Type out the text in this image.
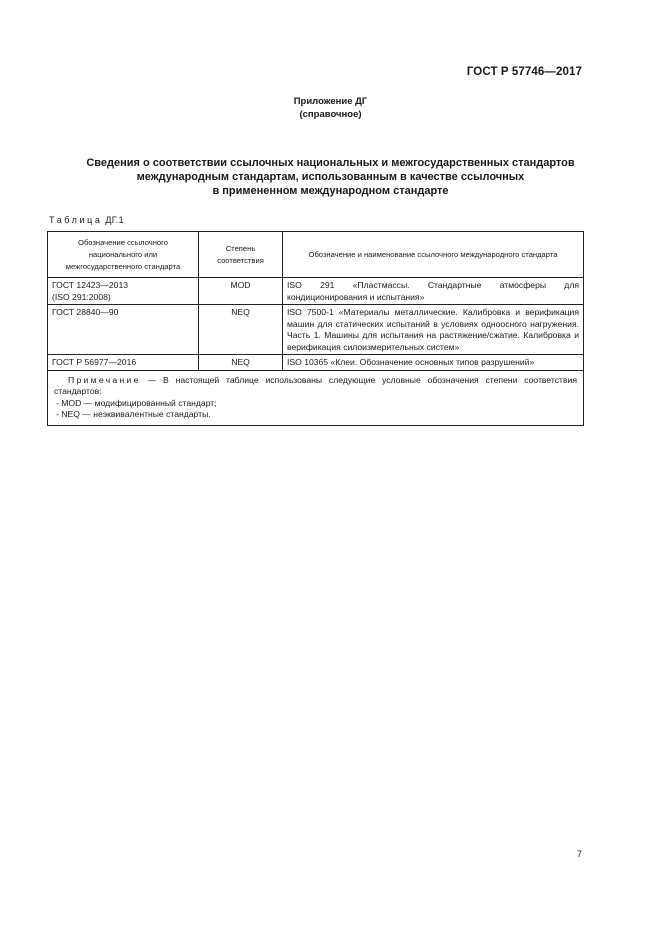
ГОСТ Р 57746—2017
Приложение ДГ
(справочное)
Сведения о соответствии ссылочных национальных и межгосударственных стандартов
международным стандартам, использованным в качестве ссылочных
в примененном международном стандарте
Таблица ДГ.1
Обозначение ссылочного национального или межгосударственного стандарта	Степень соответствия	Обозначение и наименование ссылочного международного стандарта

ГОСТ 12423—2013
(ISO 291:2008)	MOD	ISO 291 «Пластмассы. Стандартные атмосферы для кондиционирования и испытания»
ГОСТ 28840—90	NEQ	ISO 7500-1 «Материалы металлические. Калибровка и верификация машин для статических испытаний в условиях одноосного нагружения. Часть 1. Машины для испытания на растяжение/сжатие. Калибровка и верификация силоизмерительных систем»
ГОСТ Р 56977—2016	NEQ	ISO 10365 «Клеи. Обозначение основных типов разрушений»

Примечание — В настоящей таблице использованы следующие условные обозначения степени соответствия стандартов:

- MOD — модифицированный стандарт;

- NEQ — неэквивалентные стандарты.		

7
